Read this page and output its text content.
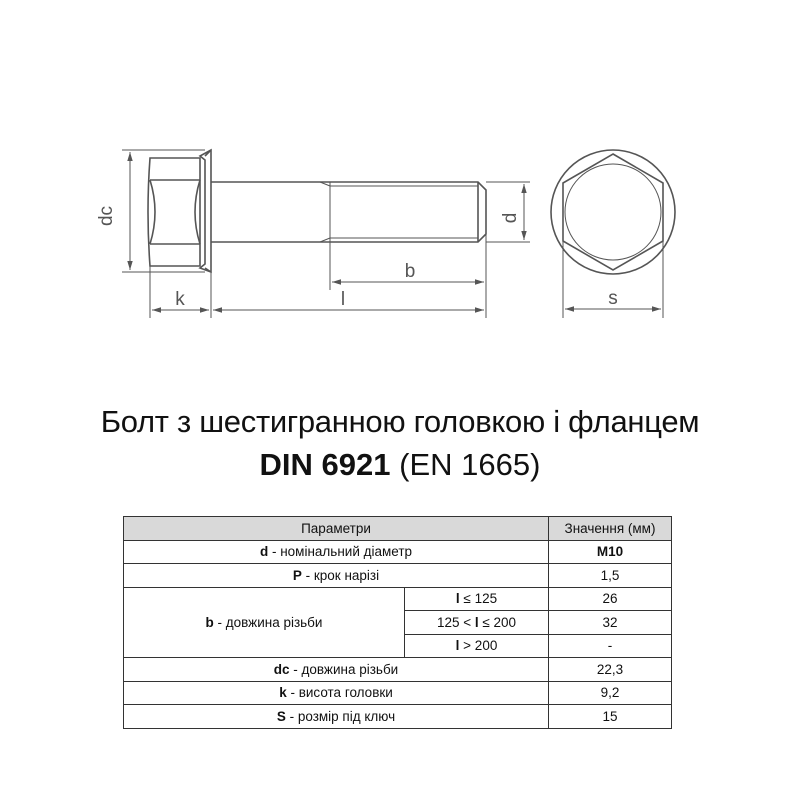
dc	d
b
k	l	s
Болт з шестигранною головкою і фланцем
DIN 6921 (EN 1665)
Параметри		Значення (мм)
d - номінальний діаметр		M10
P - крок нарізі		1,5
b - довжина різьби	l ≤ 125	26
	125 < l ≤ 200	32
	l > 200	-
dc - довжина різьби		22,3
k - висота головки		9,2
S - розмір під ключ		15
